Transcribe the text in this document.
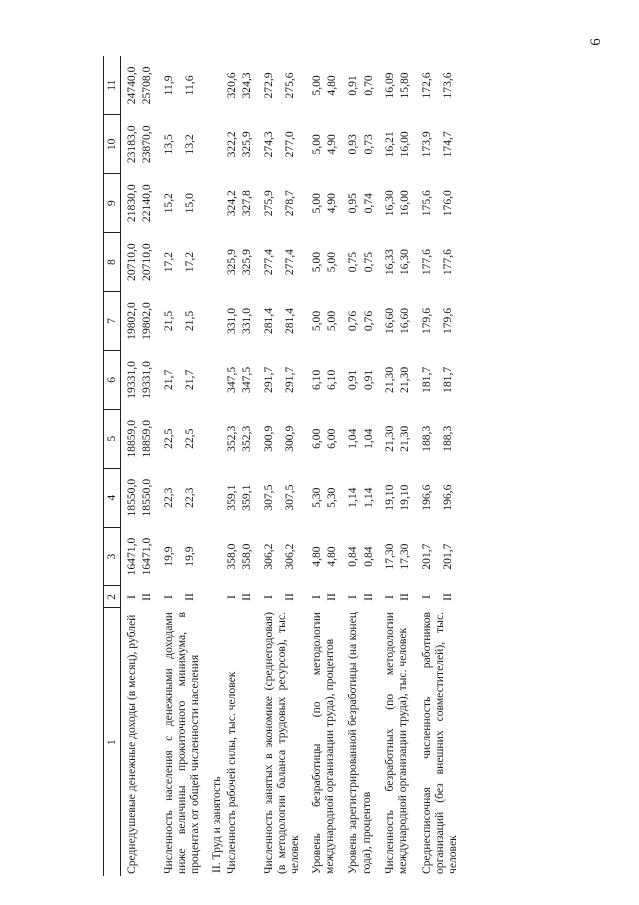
6
1	2	3	4	5	6	7	8	9	10	11
Среднедушевые денежные доходы (в месяц), рублей	I	16471,0	18550,0	18859,0	19331,0	19802,0	20710,0	21830,0	23183,0	24740,0
	II	16471,0	18550,0	18859,0	19331,0	19802,0	20710,0	22140,0	23870,0	25708,0

Численность населения с денежными доходами ниже величины прожиточного минимума, в процентах от общей численности населения	I	19,9	22,3	22,5	21,7	21,5	17,2	15,2	13,5	11,9
	II	19,9	22,3	22,5	21,7	21,5	17,2	15,0	13,2	11,6

II. Труд и занятость										
Численность рабочей силы, тыс. человек	I	358,0	359,1	352,3	347,5	331,0	325,9	324,2	322,2	320,6
	II	358,0	359,1	352,3	347,5	331,0	325,9	327,8	325,9	324,3

Численность занятых в экономике (среднегодовая) (в методологии баланса трудовых ресурсов), тыс. человек	I	306,2	307,5	300,9	291,7	281,4	277,4	275,9	274,3	272,9
	II	306,2	307,5	300,9	291,7	281,4	277,4	278,7	277,0	275,6

Уровень безработицы (по методологии международной организации труда), процентов	I	4,80	5,30	6,00	6,10	5,00	5,00	5,00	5,00	5,00
	II	4,80	5,30	6,00	6,10	5,00	5,00	4,90	4,90	4,80

Уровень зарегистрированной безработицы (на конец года), процентов	I	0,84	1,14	1,04	0,91	0,76	0,75	0,95	0,93	0,91
	II	0,84	1,14	1,04	0,91	0,76	0,75	0,74	0,73	0,70

Численность безработных (по методологии международной организации труда), тыс. человек	I	17,30	19,10	21,30	21,30	16,60	16,33	16,30	16,21	16,09
	II	17,30	19,10	21,30	21,30	16,60	16,30	16,00	16,00	15,80

Среднесписочная численность работников организаций (без внешних совместителей), тыс. человек	I	201,7	196,6	188,3	181,7	179,6	177,6	175,6	173,9	172,6
	II	201,7	196,6	188,3	181,7	179,6	177,6	176,0	174,7	173,6
